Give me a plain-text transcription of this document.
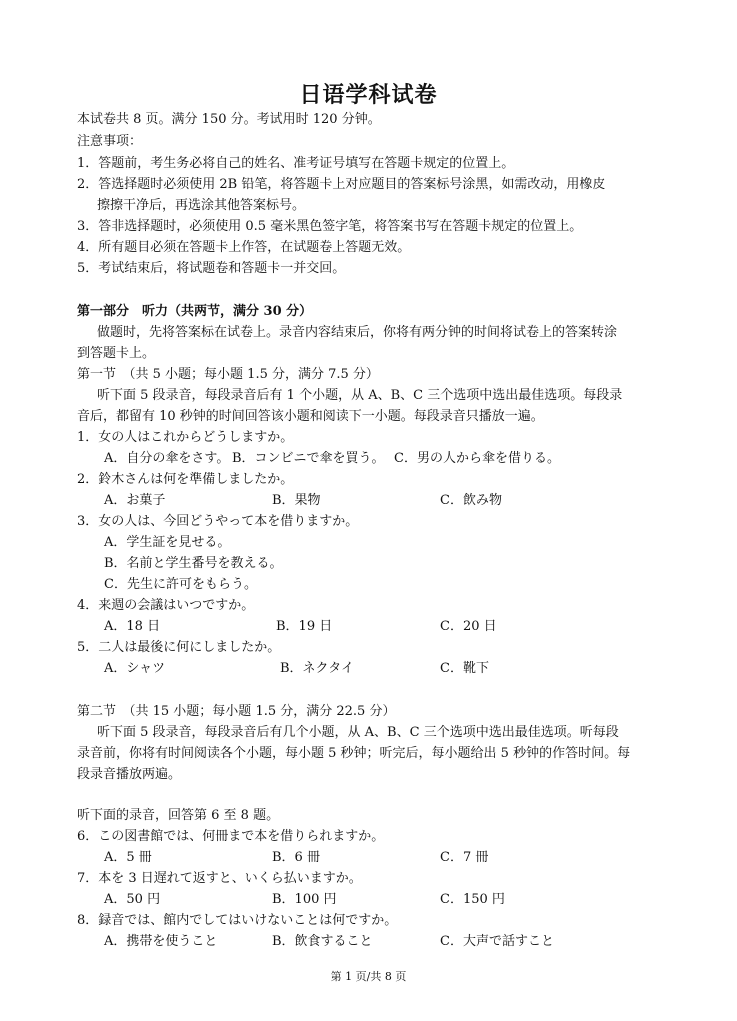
日语学科试卷
本试卷共 8 页。满分 150 分。考试用时 120 分钟。
注意事项：
1．答题前，考生务必将自己的姓名、准考证号填写在答题卡规定的位置上。
2．答选择题时必须使用 2B 铅笔，将答题卡上对应题目的答案标号涂黑，如需改动，用橡皮
擦擦干净后，再选涂其他答案标号。
3．答非选择题时，必须使用 0.5 毫米黑色签字笔，将答案书写在答题卡规定的位置上。
4．所有题目必须在答题卡上作答，在试题卷上答题无效。
5．考试结束后，将试题卷和答题卡一并交回。
第一部分　听力（共两节，满分 30 分）
做题时，先将答案标在试卷上。录音内容结束后，你将有两分钟的时间将试卷上的答案转涂
到答题卡上。
第一节　（共 5 小题；每小题 1.5 分，满分 7.5 分）
听下面 5 段录音，每段录音后有 1 个小题，从 A、B、C 三个选项中选出最佳选项。每段录
音后，都留有 10 秒钟的时间回答该小题和阅读下一小题。每段录音只播放一遍。
1．女の人はこれからどうしますか。
A．自分の傘をさす。 B．コンビニで傘を買う。 C．男の人から傘を借りる。
2．鈴木さんは何を準備しましたか。
A．お菓子	B．果物	C．飲み物
3．女の人は、今回どうやって本を借りますか。
A．学生証を見せる。
B．名前と学生番号を教える。
C．先生に許可をもらう。
4．来週の会議はいつですか。
A．18 日	B．19 日	C．20 日
5．二人は最後に何にしましたか。
A．シャツ	B．ネクタイ	C．靴下
第二节　（共 15 小题；每小题 1.5 分，满分 22.5 分）
听下面 5 段录音，每段录音后有几个小题，从 A、B、C 三个选项中选出最佳选项。听每段
录音前，你将有时间阅读各个小题，每小题 5 秒钟；听完后，每小题给出 5 秒钟的作答时间。每
段录音播放两遍。
听下面的录音，回答第 6 至 8 题。
6．この図書館では、何冊まで本を借りられますか。
A．5 冊	B．6 冊	C．7 冊
7．本を 3 日遅れて返すと、いくら払いますか。
A．50 円	B．100 円	C．150 円
8．録音では、館内でしてはいけないことは何ですか。
A．携帯を使うこと	B．飲食すること	C．大声で話すこと
第 1 页/共 8 页
